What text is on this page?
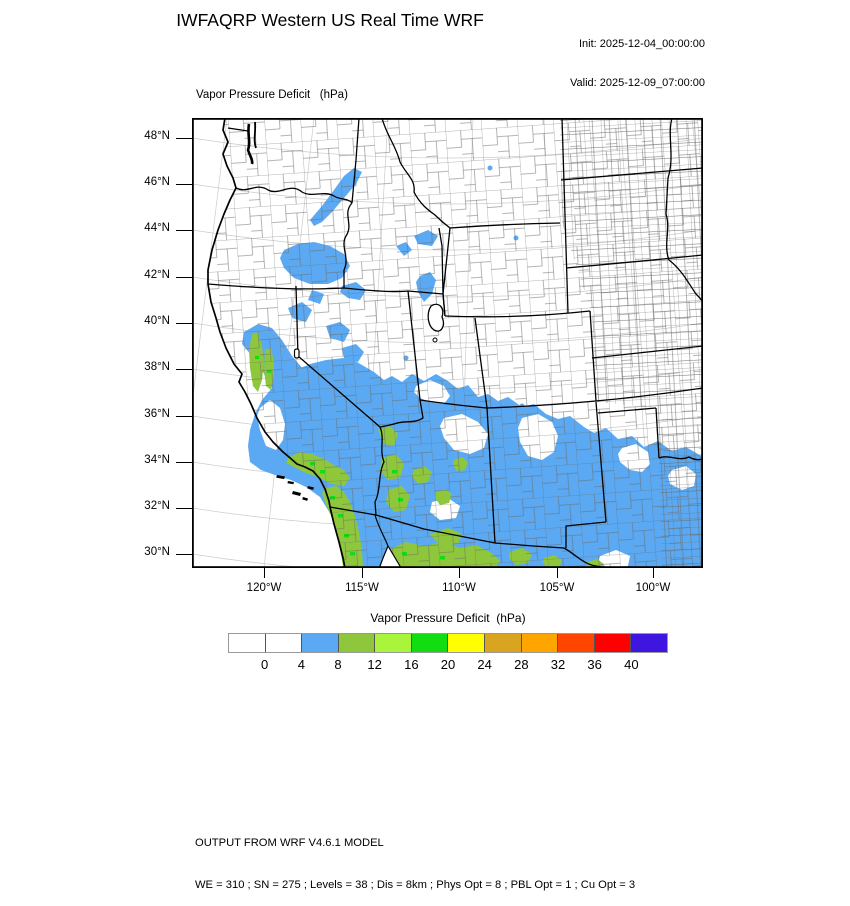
IWFAQRP Western US Real Time WRF

Init: 2025-12-04_00:00:00

Valid: 2025-12-09_07:00:00

Vapor Pressure Deficit   (hPa)
Vapor Pressure Deficit  (hPa)

OUTPUT FROM WRF V4.6.1 MODEL

WE = 310 ; SN = 275 ; Levels = 38 ; Dis = 8km ; Phys Opt = 8 ; PBL Opt = 1 ; Cu Opt = 3

48°N
46°N
44°N
42°N
40°N
38°N
36°N
34°N
32°N
30°N
120°W	115°W	110°W	105°W	100°W
0	4	8	12	16	20	24	28	32	36	40
